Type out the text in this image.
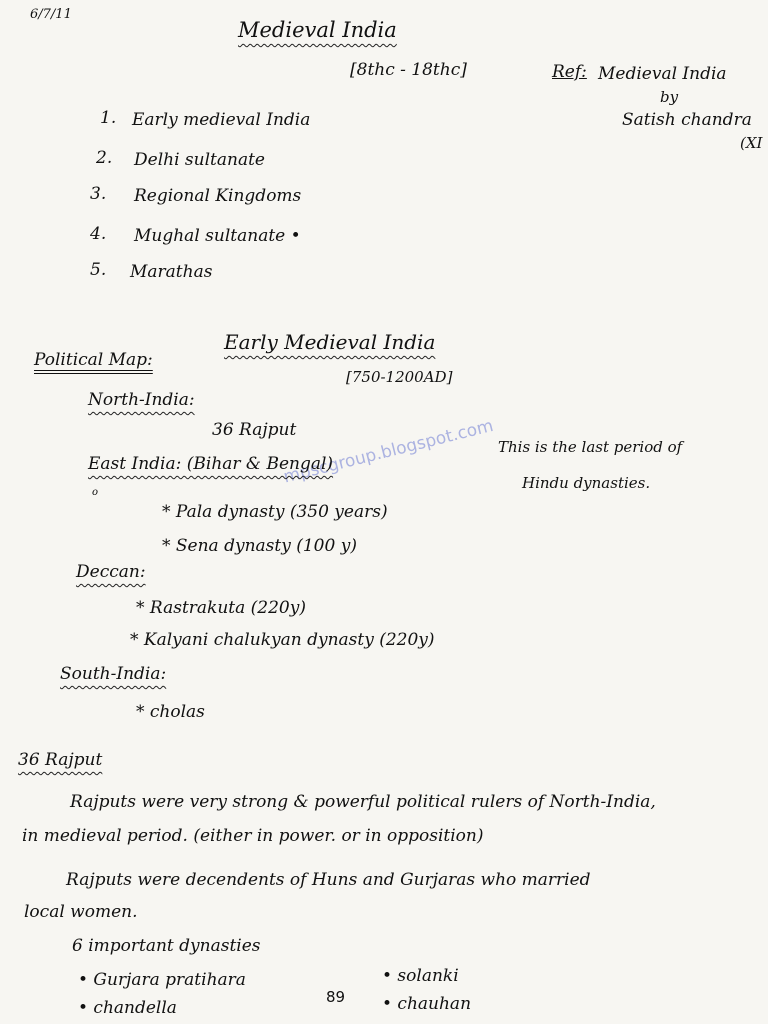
6/7/11
Medieval India
[8thc - 18thc]	Ref: Medieval India
by
Satish chandra
(XI
1. Early medieval India
2. Delhi sultanate
3. Regional Kingdoms
4. Mughal sultanate •
5. Marathas
Early Medieval India
[750-1200AD]
Political Map:
North-India:
36 Rajput
This is the last period of
Hindu dynasties.
mpscgroup.blogspot.com
East India: (Bihar & Bengal)
o
* Pala dynasty (350 years)
* Sena dynasty (100 y)
Deccan:
* Rastrakuta (220y)
* Kalyani chalukyan dynasty (220y)
South-India:
* cholas
36 Rajput
Rajputs were very strong & powerful political rulers of North-India,
in medieval period. (either in power. or in opposition)
Rajputs were decendents of Huns and Gurjaras who married
local women.
6 important dynasties
• Gurjara pratihara
• chandella
• solanki
• chauhan
89
